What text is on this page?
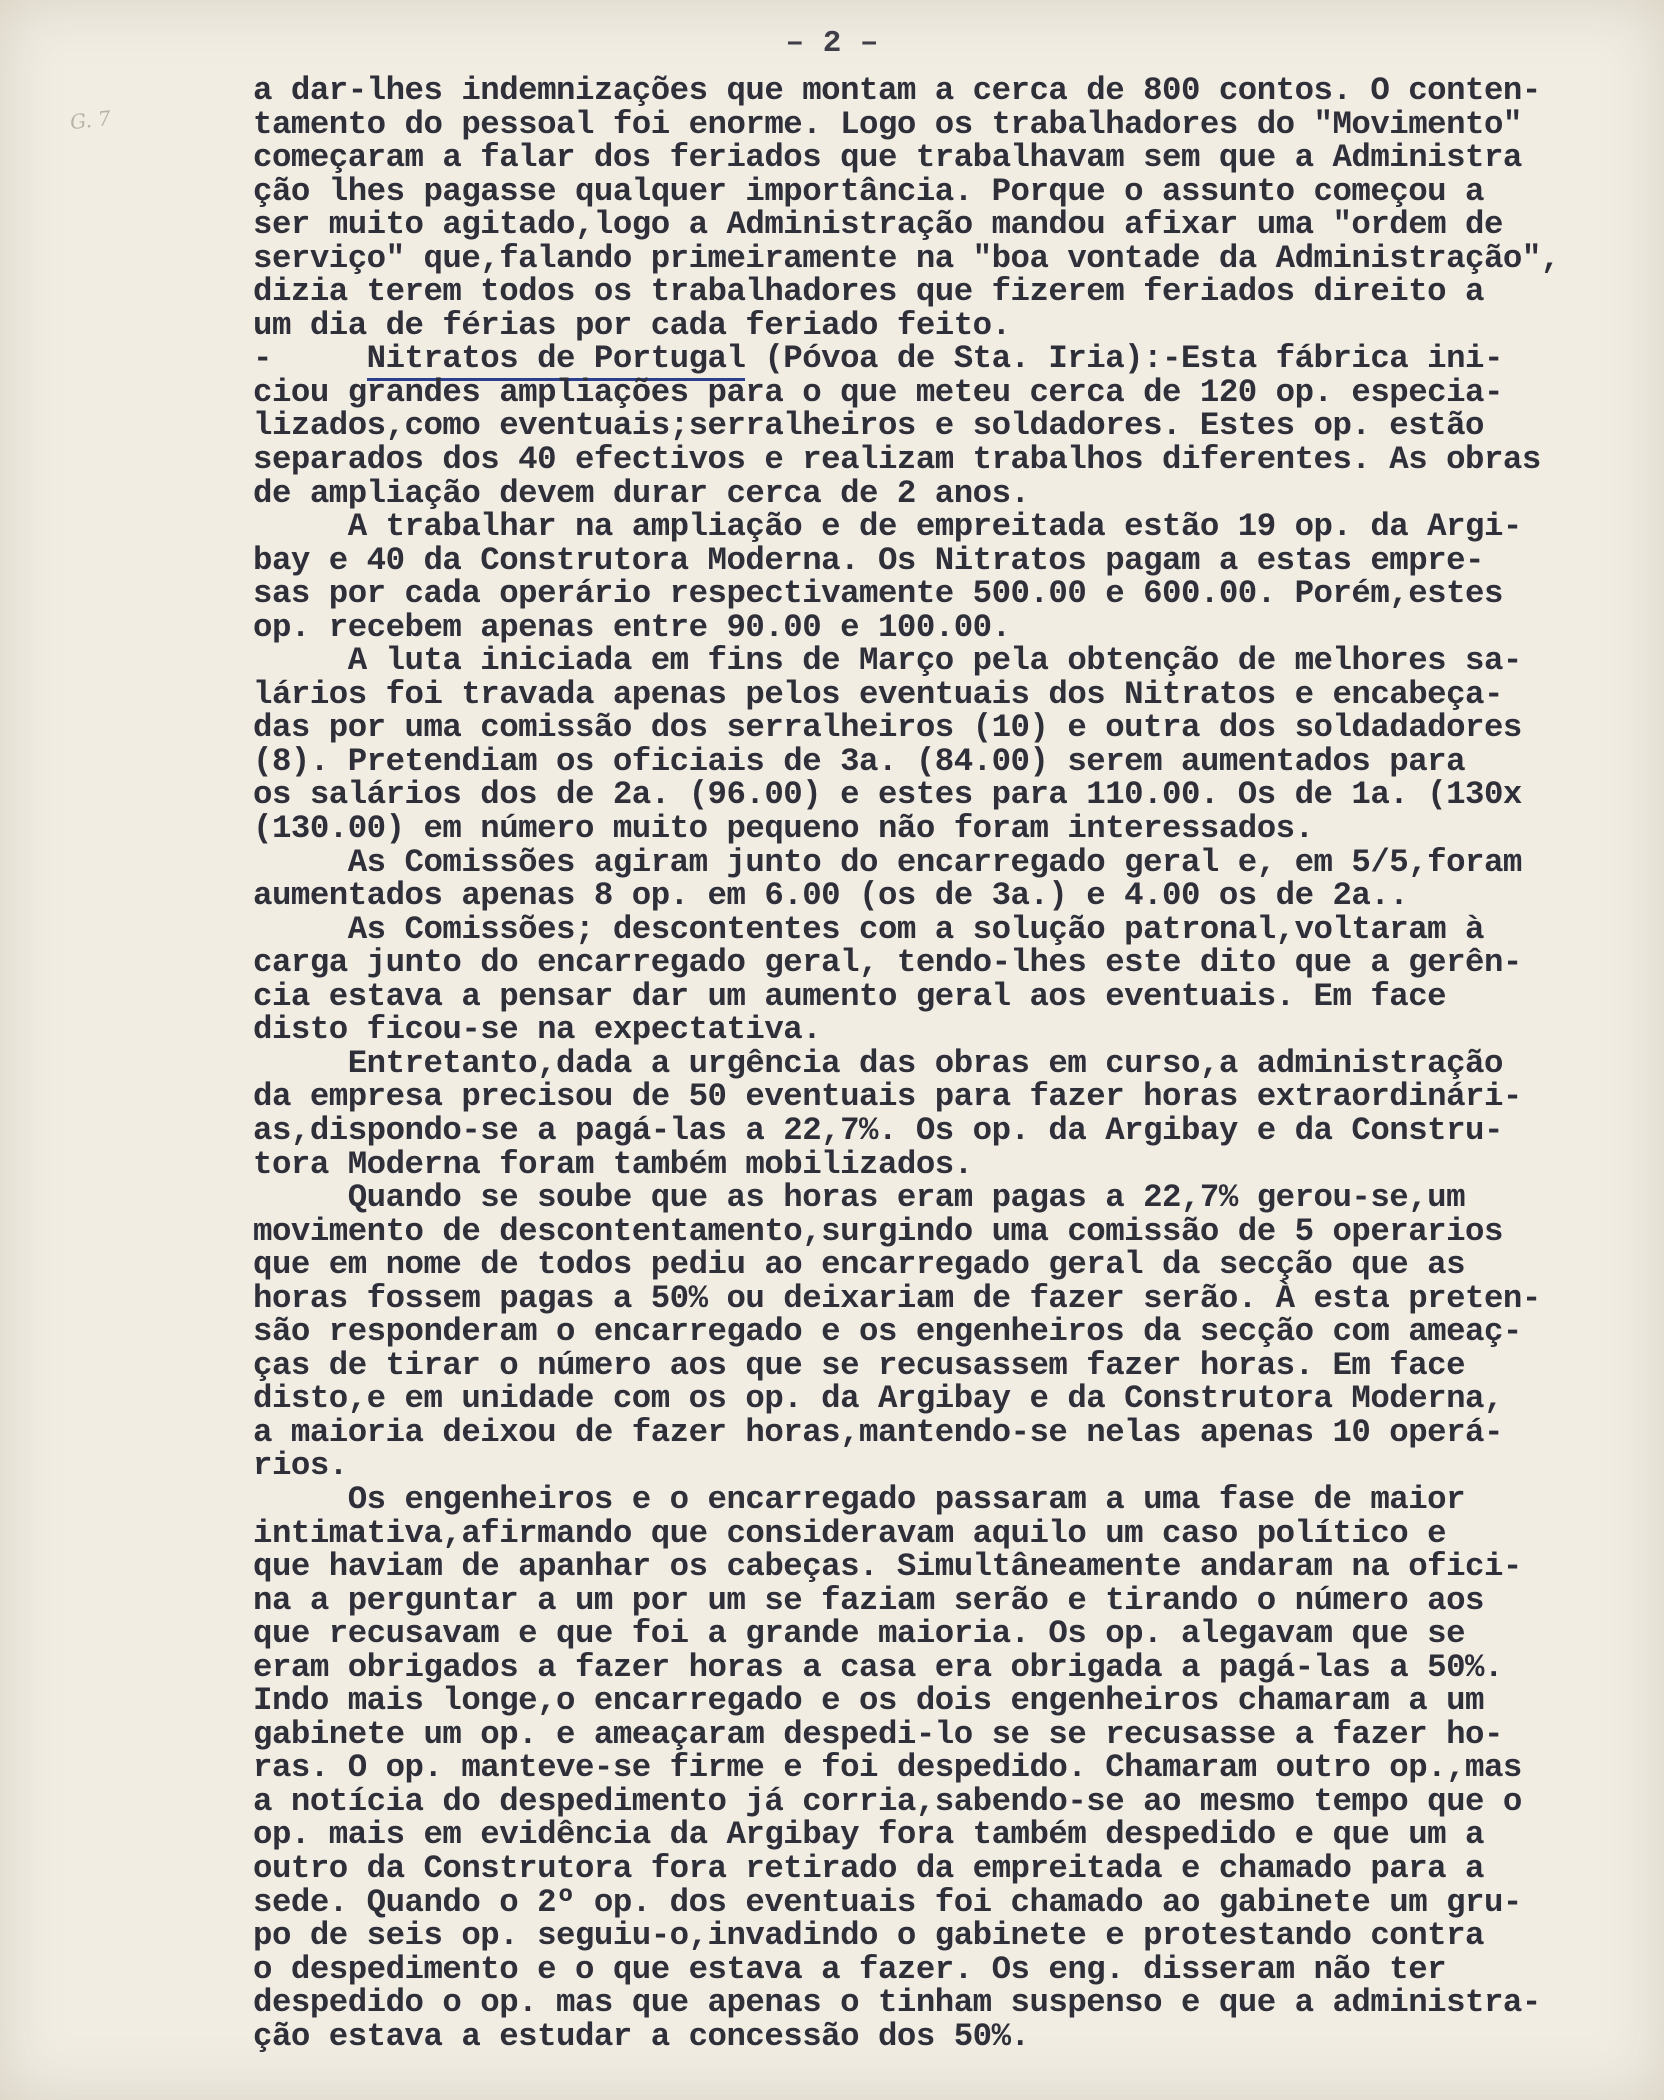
– 2 –
G. 7
a dar-lhes indemnizações que montam a cerca de 800 contos. O conten-
tamento do pessoal foi enorme. Logo os trabalhadores do "Movimento"
começaram a falar dos feriados que trabalhavam sem que a Administra
ção lhes pagasse qualquer importância. Porque o assunto começou a
ser muito agitado,logo a Administração mandou afixar uma "ordem de
serviço" que,falando primeiramente na "boa vontade da Administração",
dizia terem todos os trabalhadores que fizerem feriados direito a
um dia de férias por cada feriado feito.
-     Nitratos de Portugal (Póvoa de Sta. Iria):-Esta fábrica ini-
ciou grandes ampliações para o que meteu cerca de 120 op. especia-
lizados,como eventuais;serralheiros e soldadores. Estes op. estão
separados dos 40 efectivos e realizam trabalhos diferentes. As obras
de ampliação devem durar cerca de 2 anos.
A trabalhar na ampliação e de empreitada estão 19 op. da Argi-
bay e 40 da Construtora Moderna. Os Nitratos pagam a estas empre-
sas por cada operário respectivamente 500.00 e 600.00. Porém,estes
op. recebem apenas entre 90.00 e 100.00.
A luta iniciada em fins de Março pela obtenção de melhores sa-
lários foi travada apenas pelos eventuais dos Nitratos e encabeça-
das por uma comissão dos serralheiros (10) e outra dos soldadadores
(8). Pretendiam os oficiais de 3a. (84.00) serem aumentados para
os salários dos de 2a. (96.00) e estes para 110.00. Os de 1a. (130x
(130.00) em número muito pequeno não foram interessados.
As Comissões agiram junto do encarregado geral e, em 5/5,foram
aumentados apenas 8 op. em 6.00 (os de 3a.) e 4.00 os de 2a..
As Comissões; descontentes com a solução patronal,voltaram à
carga junto do encarregado geral, tendo-lhes este dito que a gerên-
cia estava a pensar dar um aumento geral aos eventuais. Em face
disto ficou-se na expectativa.
Entretanto,dada a urgência das obras em curso,a administração
da empresa precisou de 50 eventuais para fazer horas extraordinári-
as,dispondo-se a pagá-las a 22,7%. Os op. da Argibay e da Constru-
tora Moderna foram também mobilizados.
Quando se soube que as horas eram pagas a 22,7% gerou-se,um
movimento de descontentamento,surgindo uma comissão de 5 operarios
que em nome de todos pediu ao encarregado geral da secção que as
horas fossem pagas a 50% ou deixariam de fazer serão. À esta preten-
são responderam o encarregado e os engenheiros da secção com ameaç-
ças de tirar o número aos que se recusassem fazer horas. Em face
disto,e em unidade com os op. da Argibay e da Construtora Moderna,
a maioria deixou de fazer horas,mantendo-se nelas apenas 10 operá-
rios.
Os engenheiros e o encarregado passaram a uma fase de maior
intimativa,afirmando que consideravam aquilo um caso político e
que haviam de apanhar os cabeças. Simultâneamente andaram na ofici-
na a perguntar a um por um se faziam serão e tirando o número aos
que recusavam e que foi a grande maioria. Os op. alegavam que se
eram obrigados a fazer horas a casa era obrigada a pagá-las a 50%.
Indo mais longe,o encarregado e os dois engenheiros chamaram a um
gabinete um op. e ameaçaram despedi-lo se se recusasse a fazer ho-
ras. O op. manteve-se firme e foi despedido. Chamaram outro op.,mas
a notícia do despedimento já corria,sabendo-se ao mesmo tempo que o
op. mais em evidência da Argibay fora também despedido e que um a
outro da Construtora fora retirado da empreitada e chamado para a
sede. Quando o 2º op. dos eventuais foi chamado ao gabinete um gru-
po de seis op. seguiu-o,invadindo o gabinete e protestando contra
o despedimento e o que estava a fazer. Os eng. disseram não ter
despedido o op. mas que apenas o tinham suspenso e que a administra-
ção estava a estudar a concessão dos 50%.
